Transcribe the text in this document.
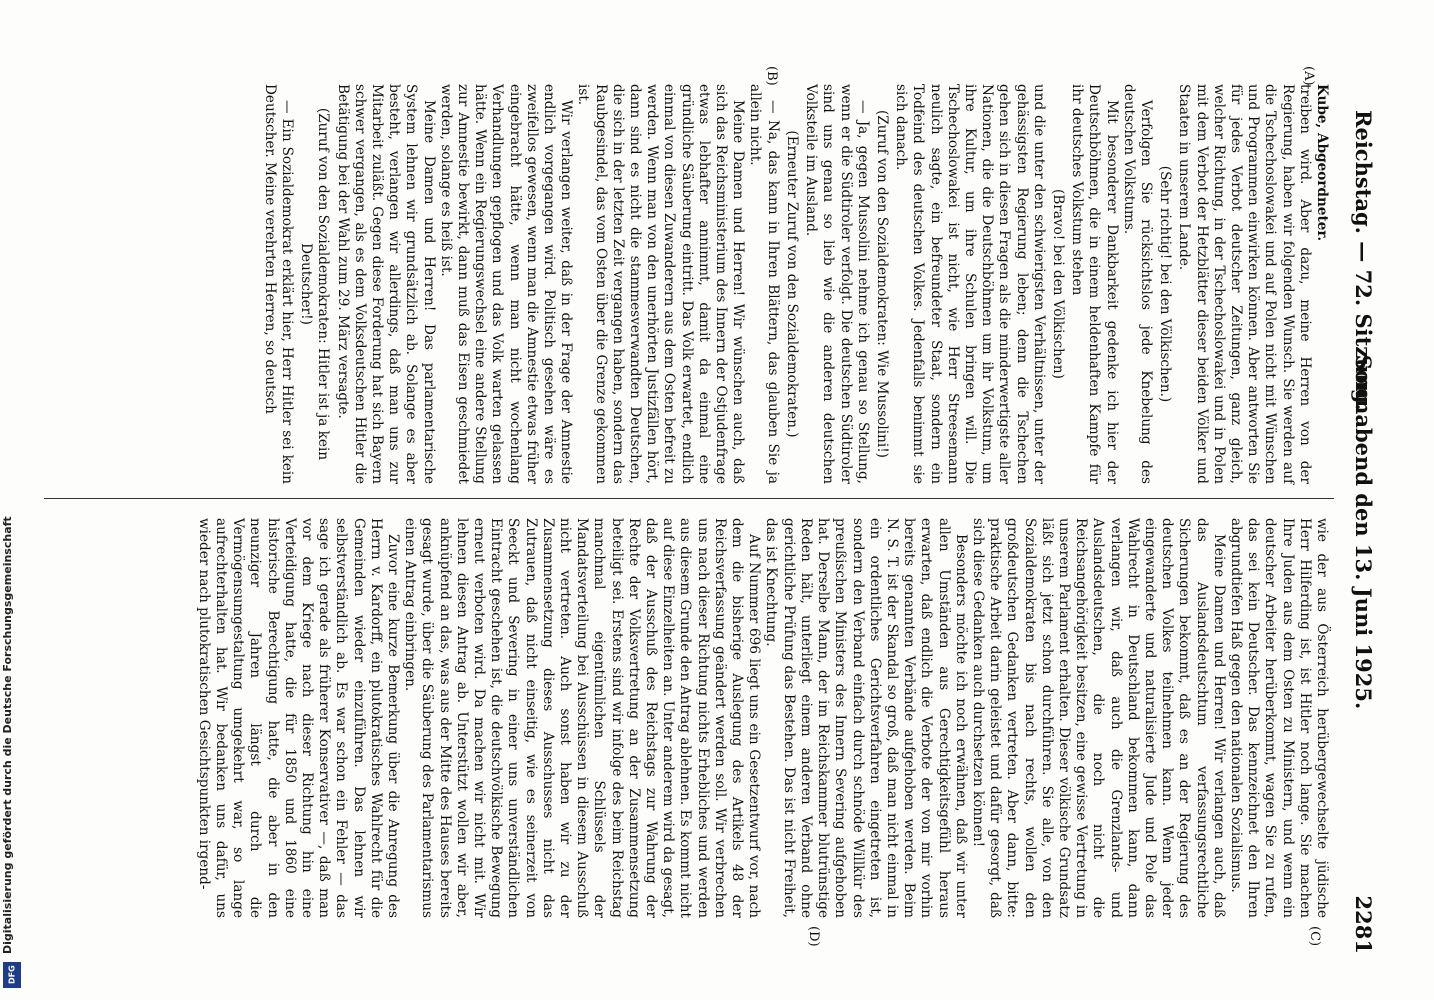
Reichstag. — 72. Sitzung.
Sonnabend den 13. Juni 1925.
2281
(A)
(B)
(C)
(D)

Kube, Abgeordneter.

treiben wird. Aber dazu, meine Herren von der Regierung, haben wir folgenden Wunsch. Sie werden auf die Tschechoslowakei und auf Polen nicht mit Wünschen und Programmen einwirken können. Aber antworten Sie für jedes Verbot deutscher Zeitungen, ganz gleich, welcher Richtung, in der Tschechoslowakei und in Polen mit dem Verbot der Hetzblätter dieser beiden Völker und Staaten in unserem Lande.

(Sehr richtig! bei den Völkischen.)

Verfolgen Sie rücksichtslos jede Knebelung des deutschen Volkstums.

Mit besonderer Dankbarkeit gedenke ich hier der Deutschböhmen, die in einem heldenhaften Kampfe für ihr deutsches Volkstum stehen

(Bravo! bei den Völkischen)

und die unter den schwierigsten Verhältnissen, unter der gehässigsten Regierung leben; denn die Tschechen gehen sich in diesen Fragen als die minderwertigste aller Nationen, die die Deutschböhmen um ihr Volkstum, um ihre Kultur, um ihre Schulen bringen will. Die Tschechoslowakei ist nicht, wie Herr Streesemann neulich sagte, ein befreundeter Staat, sondern ein Todfeind des deutschen Volkes. Jedenfalls benimmt sie sich danach.

(Zuruf von den Sozialdemokraten: Wie Mussolini!)

— Ja, gegen Mussolini nehme ich genau so Stellung, wenn er die Südtiroler verfolgt. Die deutschen Südtiroler sind uns genau so lieb wie die anderen deutschen Volksteile im Ausland.

(Erneuter Zuruf von den Sozialdemokraten.)

— Na, das kann in Ihren Blättern, das glauben Sie ja allein nicht.

Meine Damen und Herren! Wir wünschen auch, daß sich das Reichsministerium des Innern der Ostjudenfrage etwas lebhafter annimmt, damit da einmal eine gründliche Säuberung eintritt. Das Volk erwartet, endlich einmal von diesen Zuwanderern aus dem Osten befreit zu werden. Wenn man von den unerhörten Justizfällen hört, dann sind es nicht die stammesverwandten Deutschen, die sich in der letzten Zeit vergangen haben, sondern das Raubgesindel, das vom Osten über die Grenze gekommen ist.

Wir verlangen weiter, daß in der Frage der Amnestie endlich vorgegangen wird. Politisch gesehen wäre es zweifellos gewesen, wenn man die Amnestie etwas früher eingebracht hätte, wenn man nicht wochenlang Verhandlungen gepflogen und das Volk warten gelassen hätte. Wenn ein Regierungswechsel eine andere Stellung zur Amnestie bewirkt, dann muß das Eisen geschmiedet werden, solange es heiß ist.

Meine Damen und Herren! Das parlamentarische System lehnen wir grundsätzlich ab. Solange es aber besteht, verlangen wir allerdings, daß man uns zur Mitarbeit zuläßt. Gegen diese Forderung hat sich Bayern schwer vergangen, als es dem Volksdeutschen Hitler die Betätigung bei der Wahl zum 29. März versagte.

(Zuruf von den Sozialdemokraten: Hitler ist ja kein Deutscher!)

— Ein Sozialdemokrat erklärt hier, Herr Hitler sei kein Deutscher. Meine verehrten Herren, so deutsch

wie der aus Österreich herübergewechselte jüdische Herr Hilferding ist, ist Hitler noch lange. Sie machen Ihre Juden aus dem Osten zu Ministern, und wenn ein deutscher Arbeiter herüberkommt, wagen Sie zu rufen, das sei kein Deutscher. Das kennzeichnet den Ihren abgrundtiefen Haß gegen den nationalen Sozialismus.

Meine Damen und Herren! Wir verlangen auch, daß das Auslandsdeutschtum verfassungsrechtliche Sicherungen bekommt, daß es an der Regierung des deutschen Volkes teilnehmen kann. Wenn jeder eingewanderte und naturalisierte Jude und Pole das Wahlrecht in Deutschland bekommen kann, dann verlangen wir, daß auch die Grenzlands- und Auslandsdeutschen, die noch nicht die Reichsangehörigkeit besitzen, eine gewisse Vertretung in unserem Parlament erhalten. Dieser völkische Grundsatz läßt sich jetzt schon durchführen. Sie alle, von den Sozialdemokraten bis nach rechts, wollen den großdeutschen Gedanken vertreten. Aber dann, bitte: praktische Arbeit darin geleistet und dafür gesorgt, daß sich diese Gedanken auch durchsetzen können!

Besonders möchte ich noch erwähnen, daß wir unter allen Umständen aus Gerechtigkeitsgefühl heraus erwarten, daß endlich die Verbote der von mir vorhin bereits genannten Verbände aufgehoben werden. Beim N. S. T. ist der Skandal so groß, daß man nicht einmal in ein ordentliches Gerichtsverfahren eingetreten ist, sondern den Verband einfach durch schnöde Willkür des preußischen Ministers des Innern Severing aufgehoben hat. Derselbe Mann, der im Reichskammer blutrünstige Reden hält, unterliegt einem anderen Verband ohne gerichtliche Prüfung das Bestehen. Das ist nicht Freiheit, das ist Knechtung.

Auf Nummer 696 liegt uns ein Gesetzentwurf vor, nach dem die bisherige Auslegung des Artikels 48 der Reichsverfassung geändert werden soll. Wir verbrechen uns nach dieser Richtung nichts Erhebliches und werden aus diesem Grunde den Antrag ablehnen. Es kommt nicht auf diese Einzelheiten an. Unter anderem wird da gesagt, daß der Ausschuß des Reichstags zur Wahrung der Rechte der Volksvertretung an der Zusammensetzung beteiligt sei. Erstens sind wir infolge des beim Reichstag manchmal eigentümlichen Schlüssels der Mandatsverteilung bei Ausschüssen in diesem Ausschuß nicht vertreten. Auch sonst haben wir zu der Zusammensetzung dieses Ausschusses nicht das Zutrauen, daß nicht einseitig, wie es seinerzeit von Seeckt und Severing in einer uns unverständlichen Eintracht geschehen ist, die deutschvölkische Bewegung erneut verboten wird. Da machen wir nicht mit. Wir lehnen diesen Antrag ab. Unterstützt wollen wir aber, anknüpfend an das, was aus der Mitte des Hauses bereits gesagt wurde, über die Säuberung des Parlamentarismus einen Antrag einbringen.

Zuvor eine kurze Bemerkung über die Anregung des Herrn v. Kardorff, ein plutokratisches Wahlrecht für die Gemeinden wieder einzuführen. Das lehnen wir selbstverständlich ab. Es war schon ein Fehler — das sage ich gerade als früherer Konservativer —, daß man vor dem Kriege nach dieser Richtung hin eine Verteidigung hatte, die für 1850 und 1860 eine historische Berechtigung hatte, die aber in den neunziger Jahren längst durch die Vermögensumgestaltung umgekehrt war, so lange aufrechterhalten hat. Wir bedanken uns dafür, uns wieder nach plutokratischen Gesichtspunkten irgend-

Digitalisierung gefördert durch die Deutsche Forschungsgemeinschaft
DFG
